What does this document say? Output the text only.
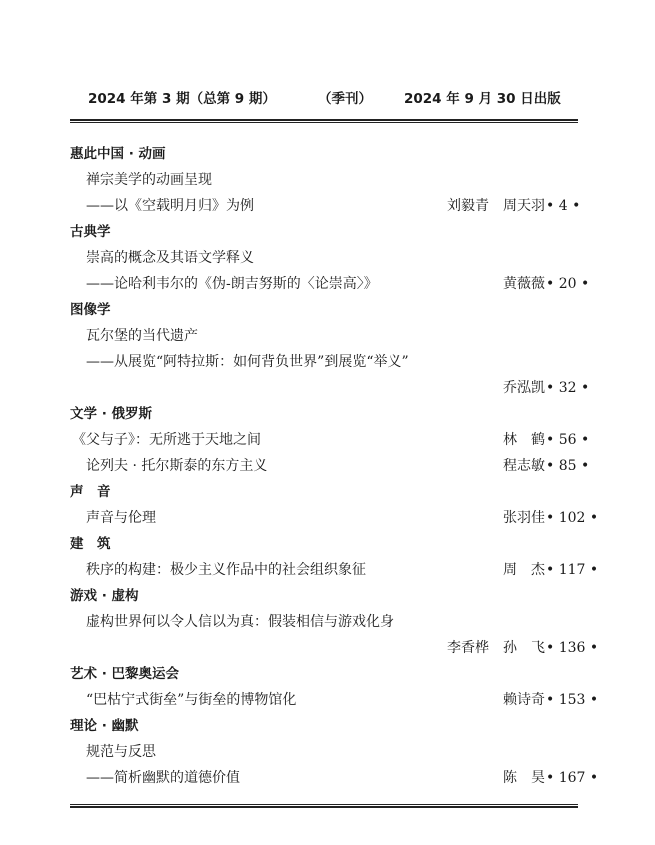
2024 年第 3 期（总第 9 期）	（季刊） 2024 年 9 月 30 日出版
惠此中国 · 动画
禅宗美学的动画呈现
——以《空载明月归》为例	刘毅青　周天羽 • 4 •
古典学
崇高的概念及其语文学释义
——论哈利韦尔的《伪-朗吉努斯的〈论崇高〉》	黄薇薇 • 20 •
图像学
瓦尔堡的当代遗产
——从展览“阿特拉斯：如何背负世界”到展览“举义”
乔泓凯 • 32 •
文学 · 俄罗斯
《父与子》：无所逃于天地之间	林　鹤 • 56 •
论列夫 · 托尔斯泰的东方主义	程志敏 • 85 •
声　音
声音与伦理	张羽佳 • 102 •
建　筑
秩序的构建：极少主义作品中的社会组织象征	周　杰 • 117 •
游戏 · 虚构
虚构世界何以令人信以为真：假装相信与游戏化身
李香桦　孙　飞 • 136 •
艺术 · 巴黎奥运会
“巴枯宁式街垒”与街垒的博物馆化	赖诗奇 • 153 •
理论 · 幽默
规范与反思
——简析幽默的道德价值	陈　昊 • 167 •
